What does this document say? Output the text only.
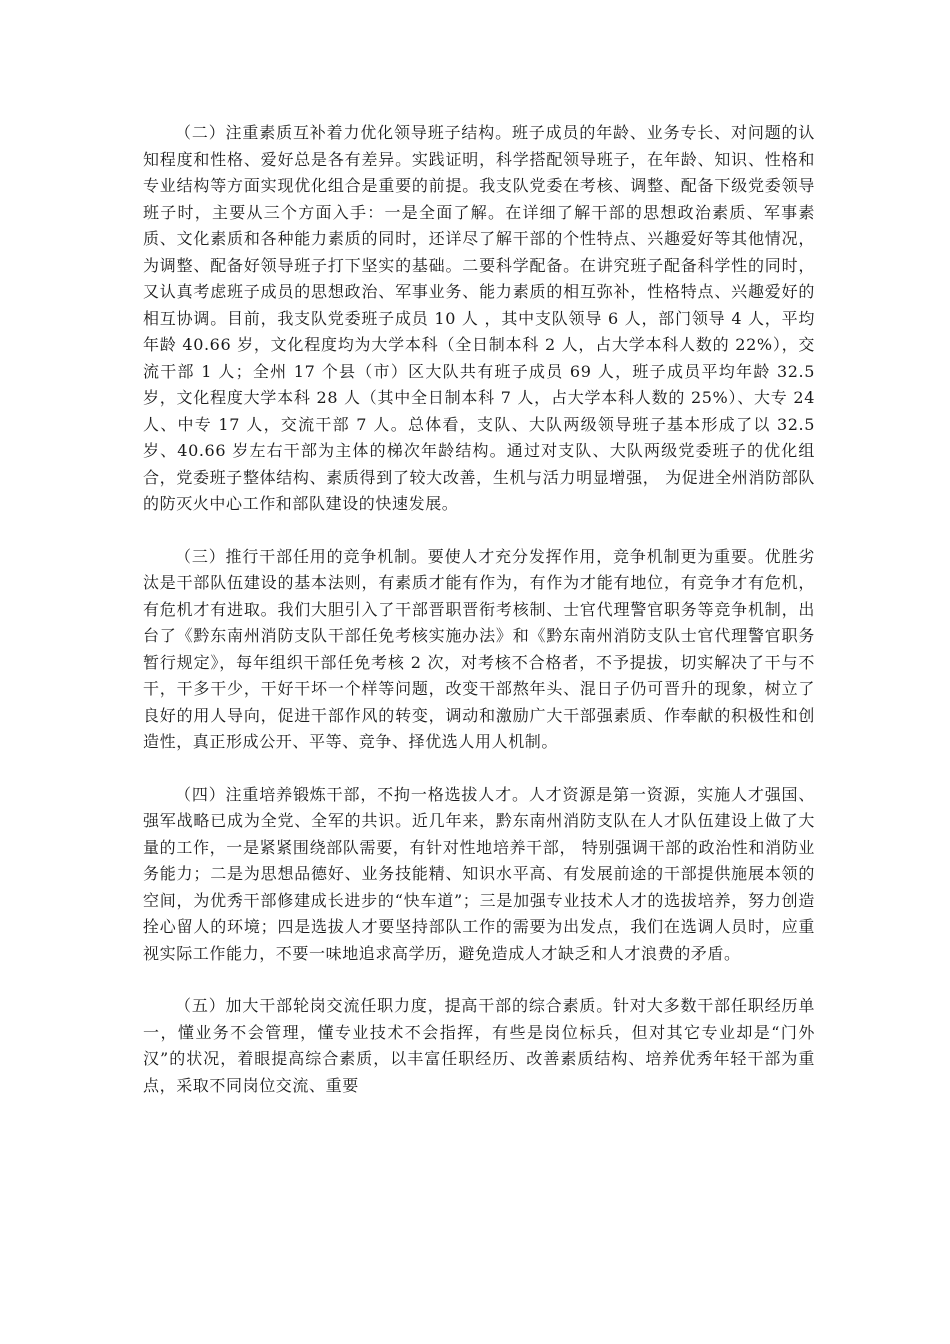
（二）注重素质互补着力优化领导班子结构。班子成员的年龄、业务专长、对问题的认知程度和性格、爱好总是各有差异。实践证明，科学搭配领导班子，在年龄、知识、性格和专业结构等方面实现优化组合是重要的前提。我支队党委在考核、调整、配备下级党委领导班子时，主要从三个方面入手：一是全面了解。在详细了解干部的思想政治素质、军事素质、文化素质和各种能力素质的同时，还详尽了解干部的个性特点、兴趣爱好等其他情况，为调整、配备好领导班子打下坚实的基础。二要科学配备。在讲究班子配备科学性的同时，又认真考虑班子成员的思想政治、军事业务、能力素质的相互弥补，性格特点、兴趣爱好的相互协调。目前，我支队党委班子成员 10 人 ，其中支队领导 6 人，部门领导 4 人，平均年龄 40.66 岁，文化程度均为大学本科（全日制本科 2 人，占大学本科人数的 22%），交流干部 1 人；全州 17 个县（市）区大队共有班子成员 69 人，班子成员平均年龄 32.5 岁，文化程度大学本科 28 人（其中全日制本科 7 人，占大学本科人数的 25%）、大专 24 人、中专 17 人，交流干部 7 人。总体看，支队、大队两级领导班子基本形成了以 32.5 岁、40.66 岁左右干部为主体的梯次年龄结构。通过对支队、大队两级党委班子的优化组合，党委班子整体结构、素质得到了较大改善，生机与活力明显增强， 为促进全州消防部队的防灭火中心工作和部队建设的快速发展。

（三）推行干部任用的竞争机制。要使人才充分发挥作用，竞争机制更为重要。优胜劣汰是干部队伍建设的基本法则，有素质才能有作为，有作为才能有地位，有竞争才有危机，有危机才有进取。我们大胆引入了干部晋职晋衔考核制、士官代理警官职务等竞争机制，出台了《黔东南州消防支队干部任免考核实施办法》和《黔东南州消防支队士官代理警官职务暂行规定》，每年组织干部任免考核 2 次，对考核不合格者，不予提拔，切实解决了干与不干，干多干少，干好干坏一个样等问题，改变干部熬年头、混日子仍可晋升的现象，树立了良好的用人导向，促进干部作风的转变，调动和激励广大干部强素质、作奉献的积极性和创造性，真正形成公开、平等、竞争、择优选人用人机制。

（四）注重培养锻炼干部，不拘一格选拔人才。人才资源是第一资源，实施人才强国、强军战略已成为全党、全军的共识。近几年来，黔东南州消防支队在人才队伍建设上做了大量的工作，一是紧紧围绕部队需要，有针对性地培养干部， 特别强调干部的政治性和消防业务能力；二是为思想品德好、业务技能精、知识水平高、有发展前途的干部提供施展本领的空间，为优秀干部修建成长进步的“快车道”；三是加强专业技术人才的选拔培养，努力创造拴心留人的环境；四是选拔人才要坚持部队工作的需要为出发点，我们在选调人员时，应重视实际工作能力，不要一味地追求高学历，避免造成人才缺乏和人才浪费的矛盾。

（五）加大干部轮岗交流任职力度，提高干部的综合素质。针对大多数干部任职经历单一，懂业务不会管理，懂专业技术不会指挥，有些是岗位标兵，但对其它专业却是“门外汉”的状况，着眼提高综合素质，以丰富任职经历、改善素质结构、培养优秀年轻干部为重点，采取不同岗位交流、重要
